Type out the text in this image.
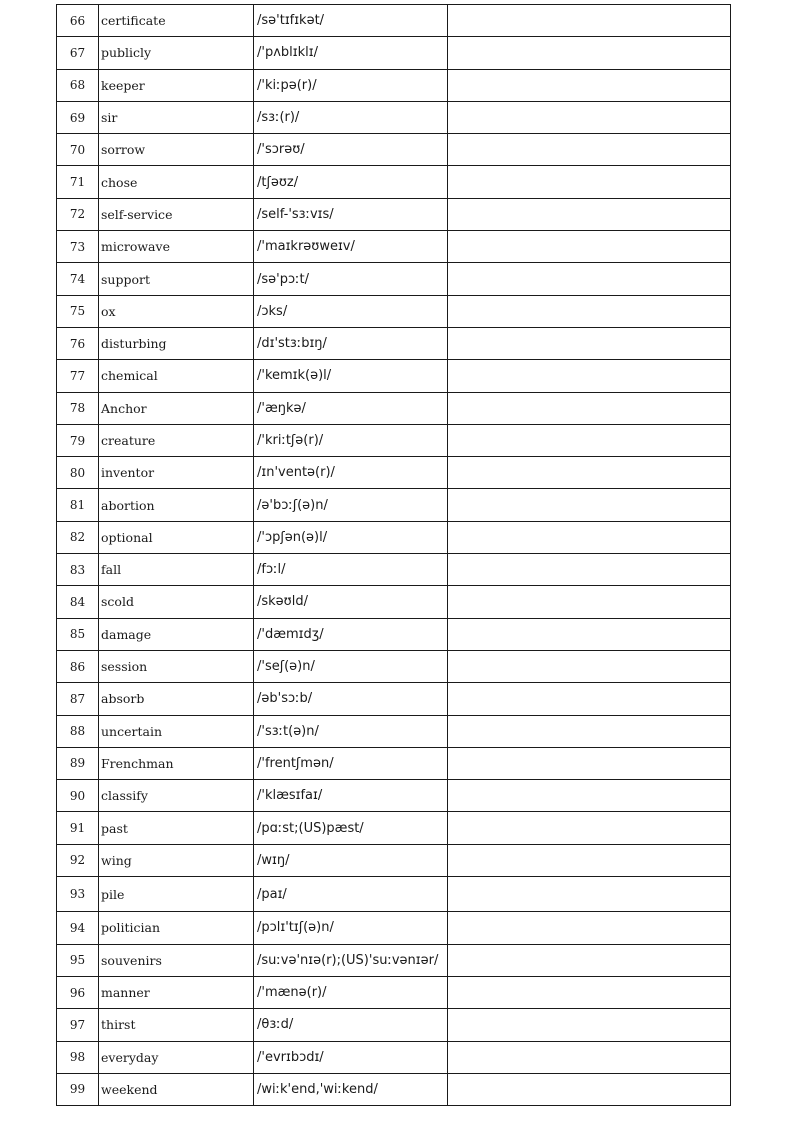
66	certificate	/sə'tɪfɪkət/	
67	publicly	/'pʌblɪklɪ/	
68	keeper	/'kiːpə(r)/	
69	sir	/sɜː(r)/	
70	sorrow	/'sɔrəʊ/	
71	chose	/tʃəʊz/	
72	self-service	/self-'sɜːvɪs/	
73	microwave	/'maɪkrəʊweɪv/	
74	support	/sə'pɔːt/	
75	ox	/ɔks/	
76	disturbing	/dɪ'stɜːbɪŋ/	
77	chemical	/'kemɪk(ə)l/	
78	Anchor	/'æŋkə/	
79	creature	/'kriːtʃə(r)/	
80	inventor	/ɪn'ventə(r)/	
81	abortion	/ə'bɔːʃ(ə)n/	
82	optional	/'ɔpʃən(ə)l/	
83	fall	/fɔːl/	
84	scold	/skəʊld/	
85	damage	/'dæmɪdʒ/	
86	session	/'seʃ(ə)n/	
87	absorb	/əb'sɔːb/	
88	uncertain	/'sɜːt(ə)n/	
89	Frenchman	/'frentʃmən/	
90	classify	/'klæsɪfaɪ/	
91	past	/pɑːst;(US)pæst/	
92	wing	/wɪŋ/	
93	pile	/paɪ/	
94	politician	/pɔlɪ'tɪʃ(ə)n/	
95	souvenirs	/suːvə'nɪə(r);(US)'suːvənɪər/	
96	manner	/'mænə(r)/	
97	thirst	/θɜːd/	
98	everyday	/'evrɪbɔdɪ/	
99	weekend	/wiːk'end,'wiːkend/	
